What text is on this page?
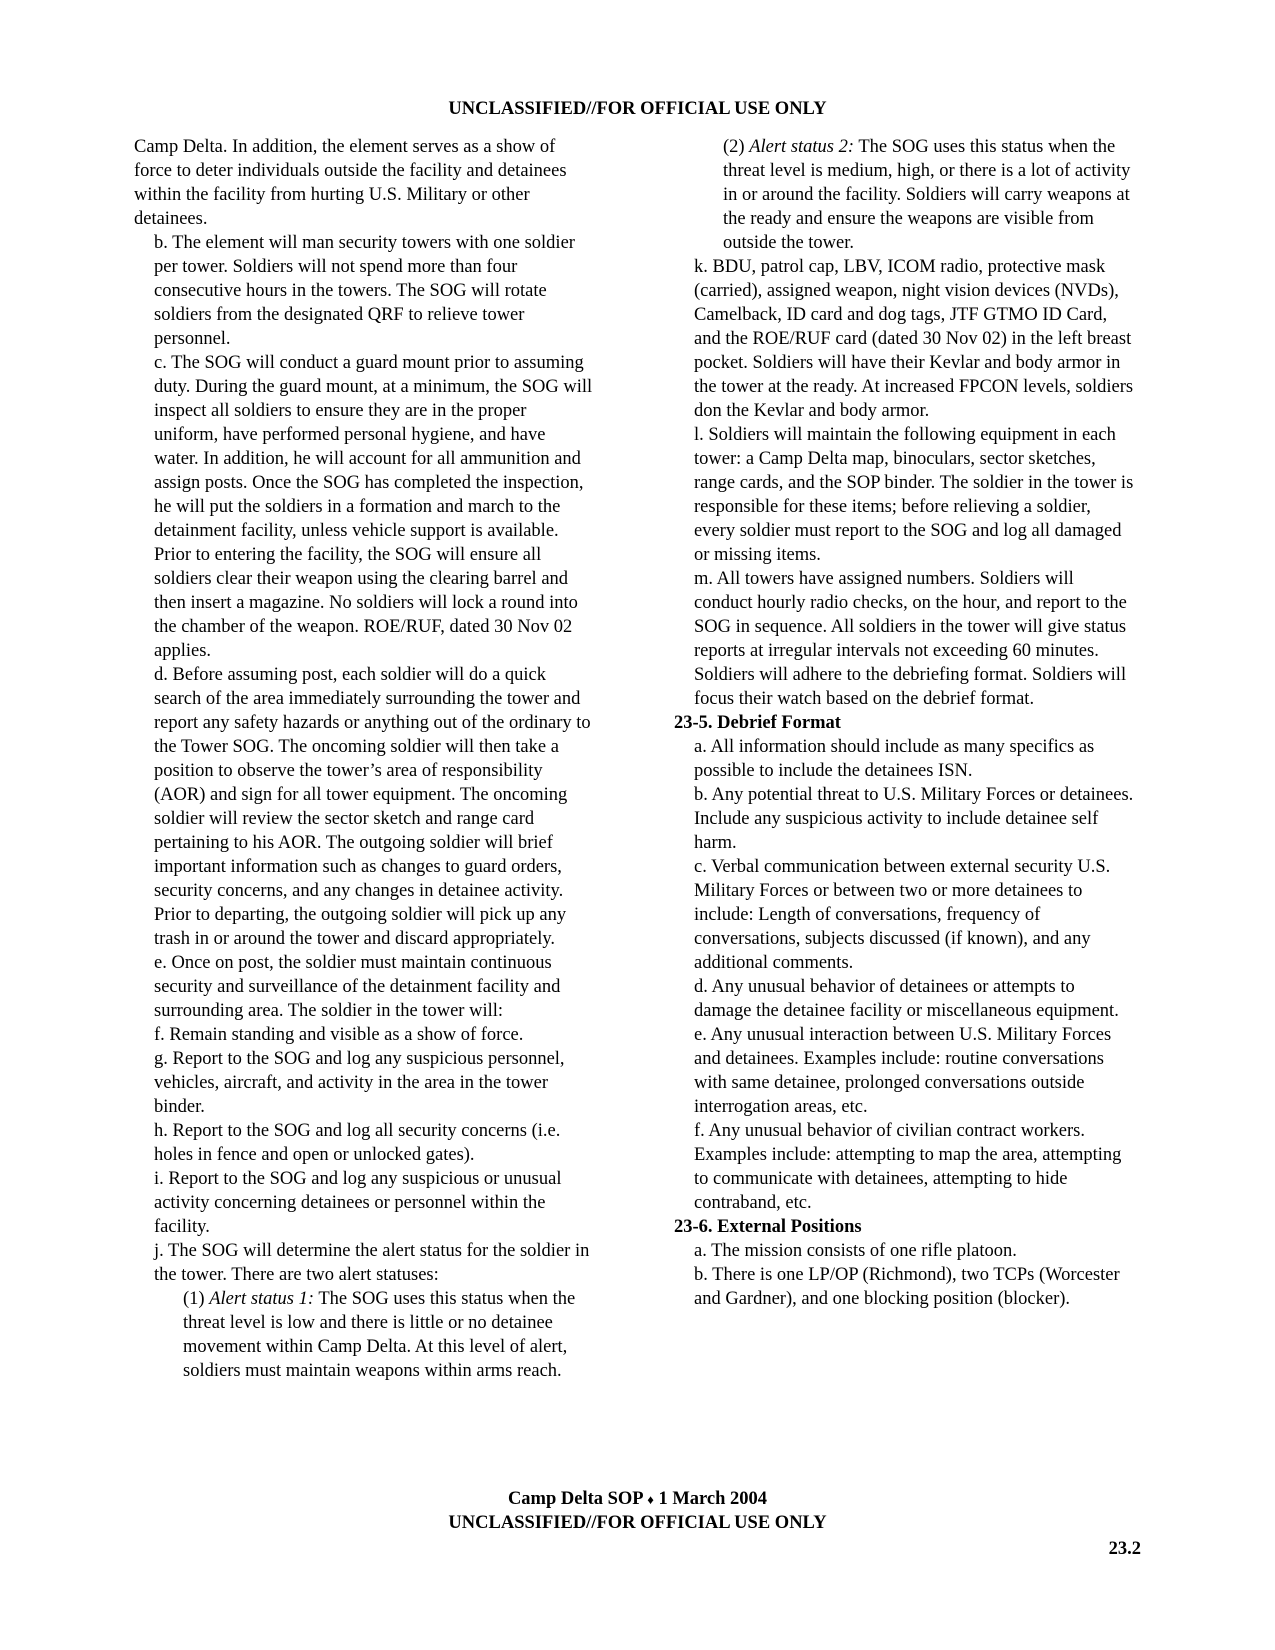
UNCLASSIFIED//FOR OFFICIAL USE ONLY

Camp Delta. In addition, the element serves as a show of force to deter individuals outside the facility and detainees within the facility from hurting U.S. Military or other detainees.

b. The element will man security towers with one soldier per tower. Soldiers will not spend more than four consecutive hours in the towers. The SOG will rotate soldiers from the designated QRF to relieve tower personnel.

c. The SOG will conduct a guard mount prior to assuming duty. During the guard mount, at a minimum, the SOG will inspect all soldiers to ensure they are in the proper uniform, have performed personal hygiene, and have water. In addition, he will account for all ammunition and assign posts. Once the SOG has completed the inspection, he will put the soldiers in a formation and march to the detainment facility, unless vehicle support is available. Prior to entering the facility, the SOG will ensure all soldiers clear their weapon using the clearing barrel and then insert a magazine. No soldiers will lock a round into the chamber of the weapon. ROE/RUF, dated 30 Nov 02 applies.

d. Before assuming post, each soldier will do a quick search of the area immediately surrounding the tower and report any safety hazards or anything out of the ordinary to the Tower SOG. The oncoming soldier will then take a position to observe the tower’s area of responsibility (AOR) and sign for all tower equipment. The oncoming soldier will review the sector sketch and range card pertaining to his AOR. The outgoing soldier will brief important information such as changes to guard orders, security concerns, and any changes in detainee activity. Prior to departing, the outgoing soldier will pick up any trash in or around the tower and discard appropriately.

e. Once on post, the soldier must maintain continuous security and surveillance of the detainment facility and surrounding area. The soldier in the tower will:

f. Remain standing and visible as a show of force.

g. Report to the SOG and log any suspicious personnel, vehicles, aircraft, and activity in the area in the tower binder.

h. Report to the SOG and log all security concerns (i.e. holes in fence and open or unlocked gates).

i. Report to the SOG and log any suspicious or unusual activity concerning detainees or personnel within the facility.

j. The SOG will determine the alert status for the soldier in the tower. There are two alert statuses:

(1) Alert status 1: The SOG uses this status when the threat level is low and there is little or no detainee movement within Camp Delta. At this level of alert, soldiers must maintain weapons within arms reach.

(2) Alert status 2: The SOG uses this status when the threat level is medium, high, or there is a lot of activity in or around the facility. Soldiers will carry weapons at the ready and ensure the weapons are visible from outside the tower.

k. BDU, patrol cap, LBV, ICOM radio, protective mask (carried), assigned weapon, night vision devices (NVDs), Camelback, ID card and dog tags, JTF GTMO ID Card, and the ROE/RUF card (dated 30 Nov 02) in the left breast pocket. Soldiers will have their Kevlar and body armor in the tower at the ready. At increased FPCON levels, soldiers don the Kevlar and body armor.

l. Soldiers will maintain the following equipment in each tower: a Camp Delta map, binoculars, sector sketches, range cards, and the SOP binder. The soldier in the tower is responsible for these items; before relieving a soldier, every soldier must report to the SOG and log all damaged or missing items.

m. All towers have assigned numbers. Soldiers will conduct hourly radio checks, on the hour, and report to the SOG in sequence. All soldiers in the tower will give status reports at irregular intervals not exceeding 60 minutes. Soldiers will adhere to the debriefing format. Soldiers will focus their watch based on the debrief format.

23-5. Debrief Format

a. All information should include as many specifics as possible to include the detainees ISN.

b. Any potential threat to U.S. Military Forces or detainees. Include any suspicious activity to include detainee self harm.

c. Verbal communication between external security U.S. Military Forces or between two or more detainees to include: Length of conversations, frequency of conversations, subjects discussed (if known), and any additional comments.

d. Any unusual behavior of detainees or attempts to damage the detainee facility or miscellaneous equipment.

e. Any unusual interaction between U.S. Military Forces and detainees. Examples include: routine conversations with same detainee, prolonged conversations outside interrogation areas, etc.

f. Any unusual behavior of civilian contract workers. Examples include: attempting to map the area, attempting to communicate with detainees, attempting to hide contraband, etc.

23-6. External Positions

a. The mission consists of one rifle platoon.

b. There is one LP/OP (Richmond), two TCPs (Worcester and Gardner), and one blocking position (blocker).

Camp Delta SOP ♦ 1 March 2004
UNCLASSIFIED//FOR OFFICIAL USE ONLY
23.2
